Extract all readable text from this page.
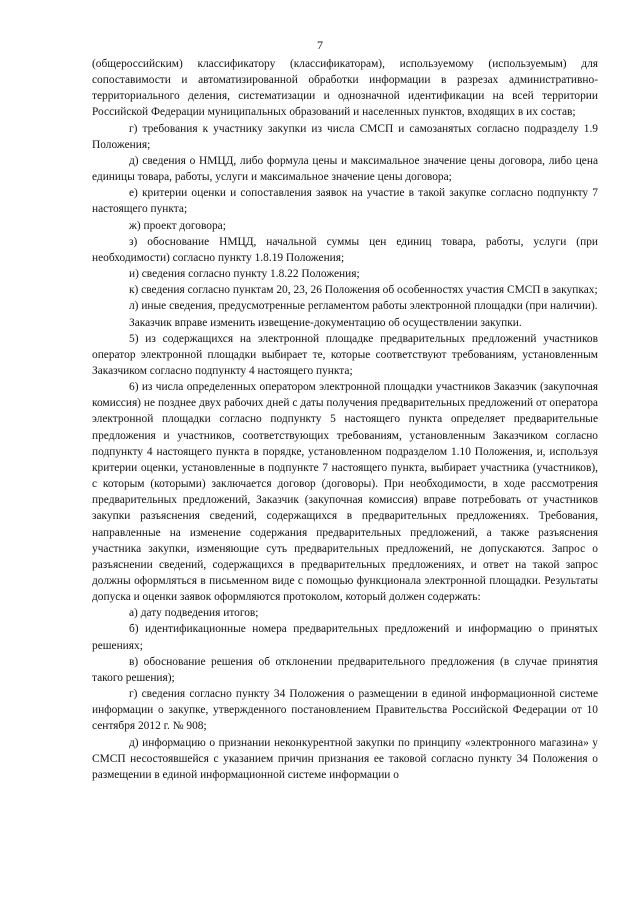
7

(общероссийским) классификатору (классификаторам), используемому (используемым) для сопоставимости и автоматизированной обработки информации в разрезах административно-территориального деления, систематизации и однозначной идентификации на всей территории Российской Федерации муниципальных образований и населенных пунктов, входящих в их состав;

г) требования к участнику закупки из числа СМСП и самозанятых согласно подразделу 1.9 Положения;

д) сведения о НМЦД, либо формула цены и максимальное значение цены договора, либо цена единицы товара, работы, услуги и максимальное значение цены договора;

е) критерии оценки и сопоставления заявок на участие в такой закупке согласно подпункту 7 настоящего пункта;

ж) проект договора;

з) обоснование НМЦД, начальной суммы цен единиц товара, работы, услуги (при необходимости) согласно пункту 1.8.19 Положения;

и) сведения согласно пункту 1.8.22 Положения;

к) сведения согласно пунктам 20, 23, 26 Положения об особенностях участия СМСП в закупках;

л) иные сведения, предусмотренные регламентом работы электронной площадки (при наличии).

Заказчик вправе изменить извещение-документацию об осуществлении закупки.

5) из содержащихся на электронной площадке предварительных предложений участников оператор электронной площадки выбирает те, которые соответствуют требованиям, установленным Заказчиком согласно подпункту 4 настоящего пункта;

6) из числа определенных оператором электронной площадки участников Заказчик (закупочная комиссия) не позднее двух рабочих дней с даты получения предварительных предложений от оператора электронной площадки согласно подпункту 5 настоящего пункта определяет предварительные предложения и участников, соответствующих требованиям, установленным Заказчиком согласно подпункту 4 настоящего пункта в порядке, установленном подразделом 1.10 Положения, и, используя критерии оценки, установленные в подпункте 7 настоящего пункта, выбирает участника (участников), с которым (которыми) заключается договор (договоры). При необходимости, в ходе рассмотрения предварительных предложений, Заказчик (закупочная комиссия) вправе потребовать от участников закупки разъяснения сведений, содержащихся в предварительных предложениях. Требования, направленные на изменение содержания предварительных предложений, а также разъяснения участника закупки, изменяющие суть предварительных предложений, не допускаются. Запрос о разъяснении сведений, содержащихся в предварительных предложениях, и ответ на такой запрос должны оформляться в письменном виде с помощью функционала электронной площадки. Результаты допуска и оценки заявок оформляются протоколом, который должен содержать:

а) дату подведения итогов;

б) идентификационные номера предварительных предложений и информацию о принятых решениях;

в) обоснование решения об отклонении предварительного предложения (в случае принятия такого решения);

г) сведения согласно пункту 34 Положения о размещении в единой информационной системе информации о закупке, утвержденного постановлением Правительства Российской Федерации от 10 сентября 2012 г. № 908;

д) информацию о признании неконкурентной закупки по принципу «электронного магазина» у СМСП несостоявшейся с указанием причин признания ее таковой согласно пункту 34 Положения о размещении в единой информационной системе информации о
